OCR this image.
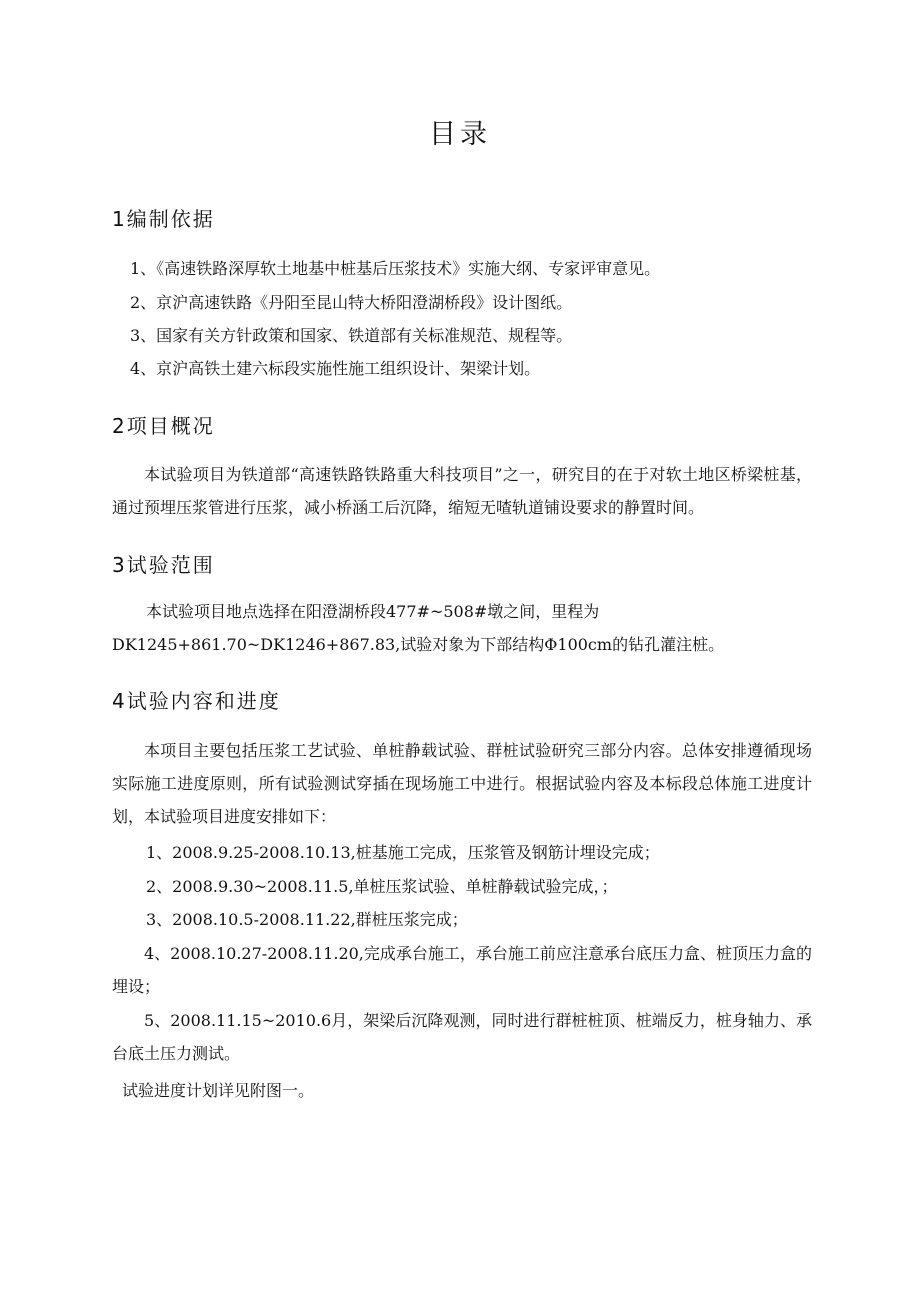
目录
1编制依据
1、《高速铁路深厚软土地基中桩基后压浆技术》实施大纲、专家评审意见。
2、京沪高速铁路《丹阳至昆山特大桥阳澄湖桥段》设计图纸。
3、国家有关方针政策和国家、铁道部有关标准规范、规程等。
4、京沪高铁土建六标段实施性施工组织设计、架梁计划。
2项目概况
本试验项目为铁道部“高速铁路铁路重大科技项目”之一，研究目的在于对软土地区桥梁桩基，通过预埋压浆管进行压浆，减小桥涵工后沉降，缩短无喳轨道铺设要求的静置时间。
3试验范围
本试验项目地点选择在阳澄湖桥段477#~508#墩之间，里程为
DK1245+861.70~DK1246+867.83,试验对象为下部结构Φ100cm的钻孔灌注桩。
4试验内容和进度
本项目主要包括压浆工艺试验、单桩静载试验、群桩试验研究三部分内容。总体安排遵循现场实际施工进度原则，所有试验测试穿插在现场施工中进行。根据试验内容及本标段总体施工进度计划，本试验项目进度安排如下：
1、2008.9.25-2008.10.13,桩基施工完成，压浆管及钢筋计埋设完成；
2、2008.9.30~2008.11.5,单桩压浆试验、单桩静载试验完成，；
3、2008.10.5-2008.11.22,群桩压浆完成；
4、2008.10.27-2008.11.20,完成承台施工，承台施工前应注意承台底压力盒、桩顶压力盒的埋设；
5、2008.11.15~2010.6月，架梁后沉降观测，同时进行群桩桩顶、桩端反力，桩身轴力、承台底土压力测试。
试验进度计划详见附图一。
